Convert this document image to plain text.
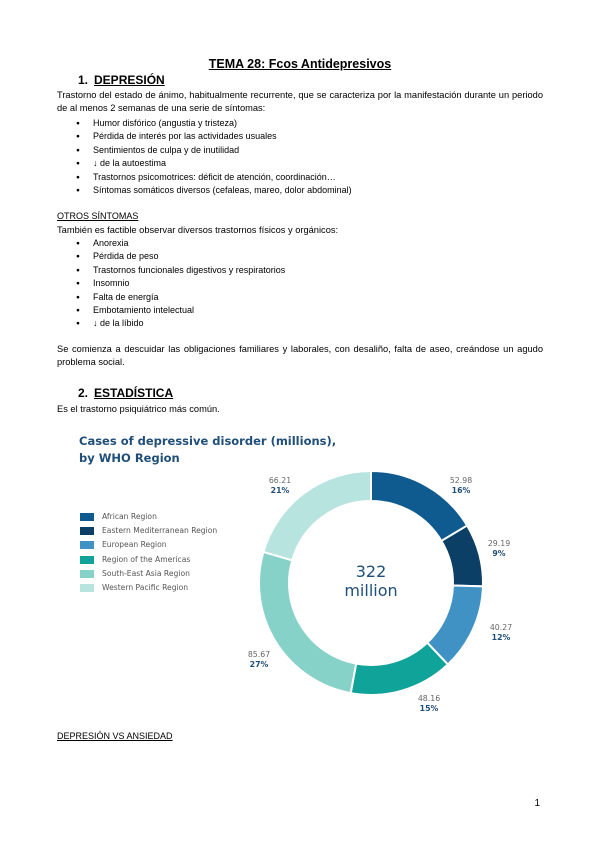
TEMA 28: Fcos Antidepresivos
1. DEPRESIÓN
Trastorno del estado de ánimo, habitualmente recurrente, que se caracteriza por la manifestación durante un periodo de al menos 2 semanas de una serie de síntomas:
● Humor disfórico (angustia y tristeza)
● Pérdida de interés por las actividades usuales
● Sentimientos de culpa y de inutilidad
● ↓ de la autoestima
● Trastornos psicomotrices: déficit de atención, coordinación…
● Síntomas somáticos diversos (cefaleas, mareo, dolor abdominal)
OTROS SÍNTOMAS
También es factible observar diversos trastornos físicos y orgánicos:
● Anorexia
● Pérdida de peso
● Trastornos funcionales digestivos y respiratorios
● Insomnio
● Falta de energía
● Embotamiento intelectual
● ↓ de la líbido
Se comienza a descuidar las obligaciones familiares y laborales, con desaliño, falta de aseo, creándose un agudo problema social.
2. ESTADÍSTICA
Es el trastorno psiquiátrico más común.
Cases of depressive disorder (millions),
by WHO Region
African Region
Eastern Mediterranean Region
European Region
Region of the Americas
South-East Asia Region
Western Pacific Region
52.98
16%
29.19
9%
40.27
12%
48.16
15%
85.67
27%
66.21
21%
322
million
DEPRESIÓN VS ANSIEDAD
1
